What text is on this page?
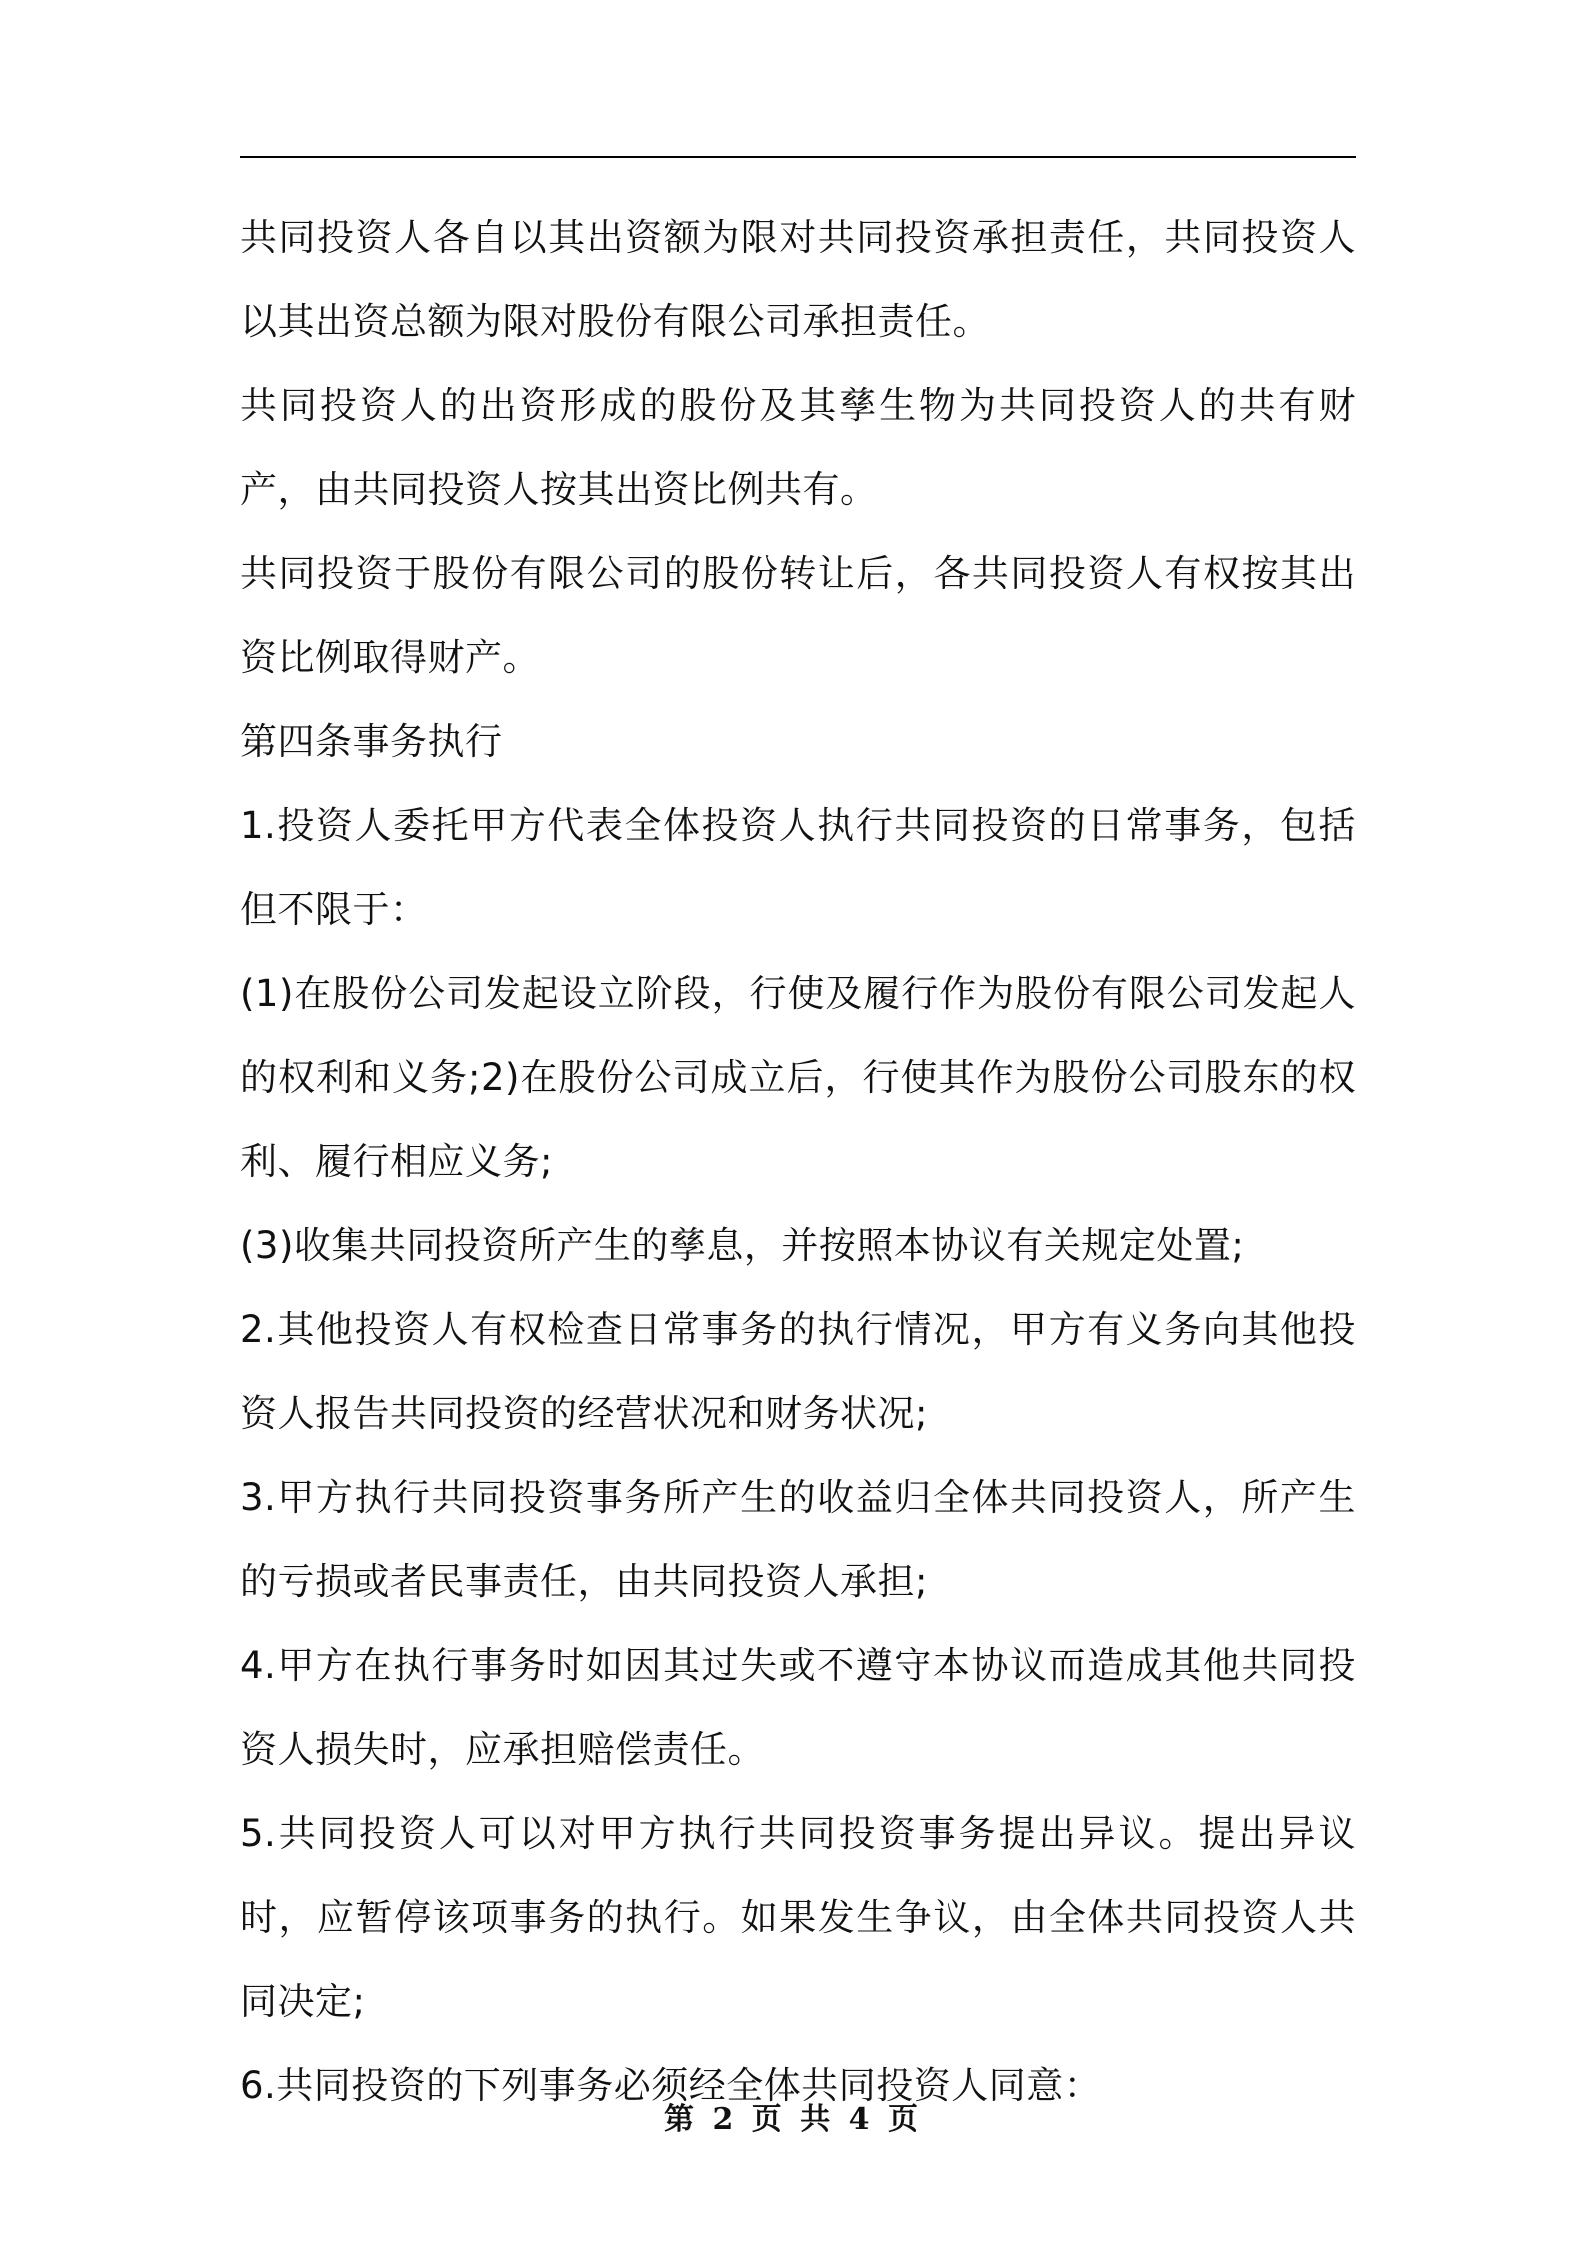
共同投资人各自以其出资额为限对共同投资承担责任，共同投资人以其出资总额为限对股份有限公司承担责任。

共同投资人的出资形成的股份及其孳生物为共同投资人的共有财产，由共同投资人按其出资比例共有。

共同投资于股份有限公司的股份转让后，各共同投资人有权按其出资比例取得财产。

第四条事务执行

1.投资人委托甲方代表全体投资人执行共同投资的日常事务，包括但不限于：

(1)在股份公司发起设立阶段，行使及履行作为股份有限公司发起人的权利和义务;2)在股份公司成立后，行使其作为股份公司股东的权利、履行相应义务;

(3)收集共同投资所产生的孳息，并按照本协议有关规定处置;

2.其他投资人有权检查日常事务的执行情况，甲方有义务向其他投资人报告共同投资的经营状况和财务状况;

3.甲方执行共同投资事务所产生的收益归全体共同投资人，所产生的亏损或者民事责任，由共同投资人承担;

4.甲方在执行事务时如因其过失或不遵守本协议而造成其他共同投资人损失时，应承担赔偿责任。

5.共同投资人可以对甲方执行共同投资事务提出异议。提出异议时，应暂停该项事务的执行。如果发生争议，由全体共同投资人共同决定;

6.共同投资的下列事务必须经全体共同投资人同意：

第 2 页 共 4 页
